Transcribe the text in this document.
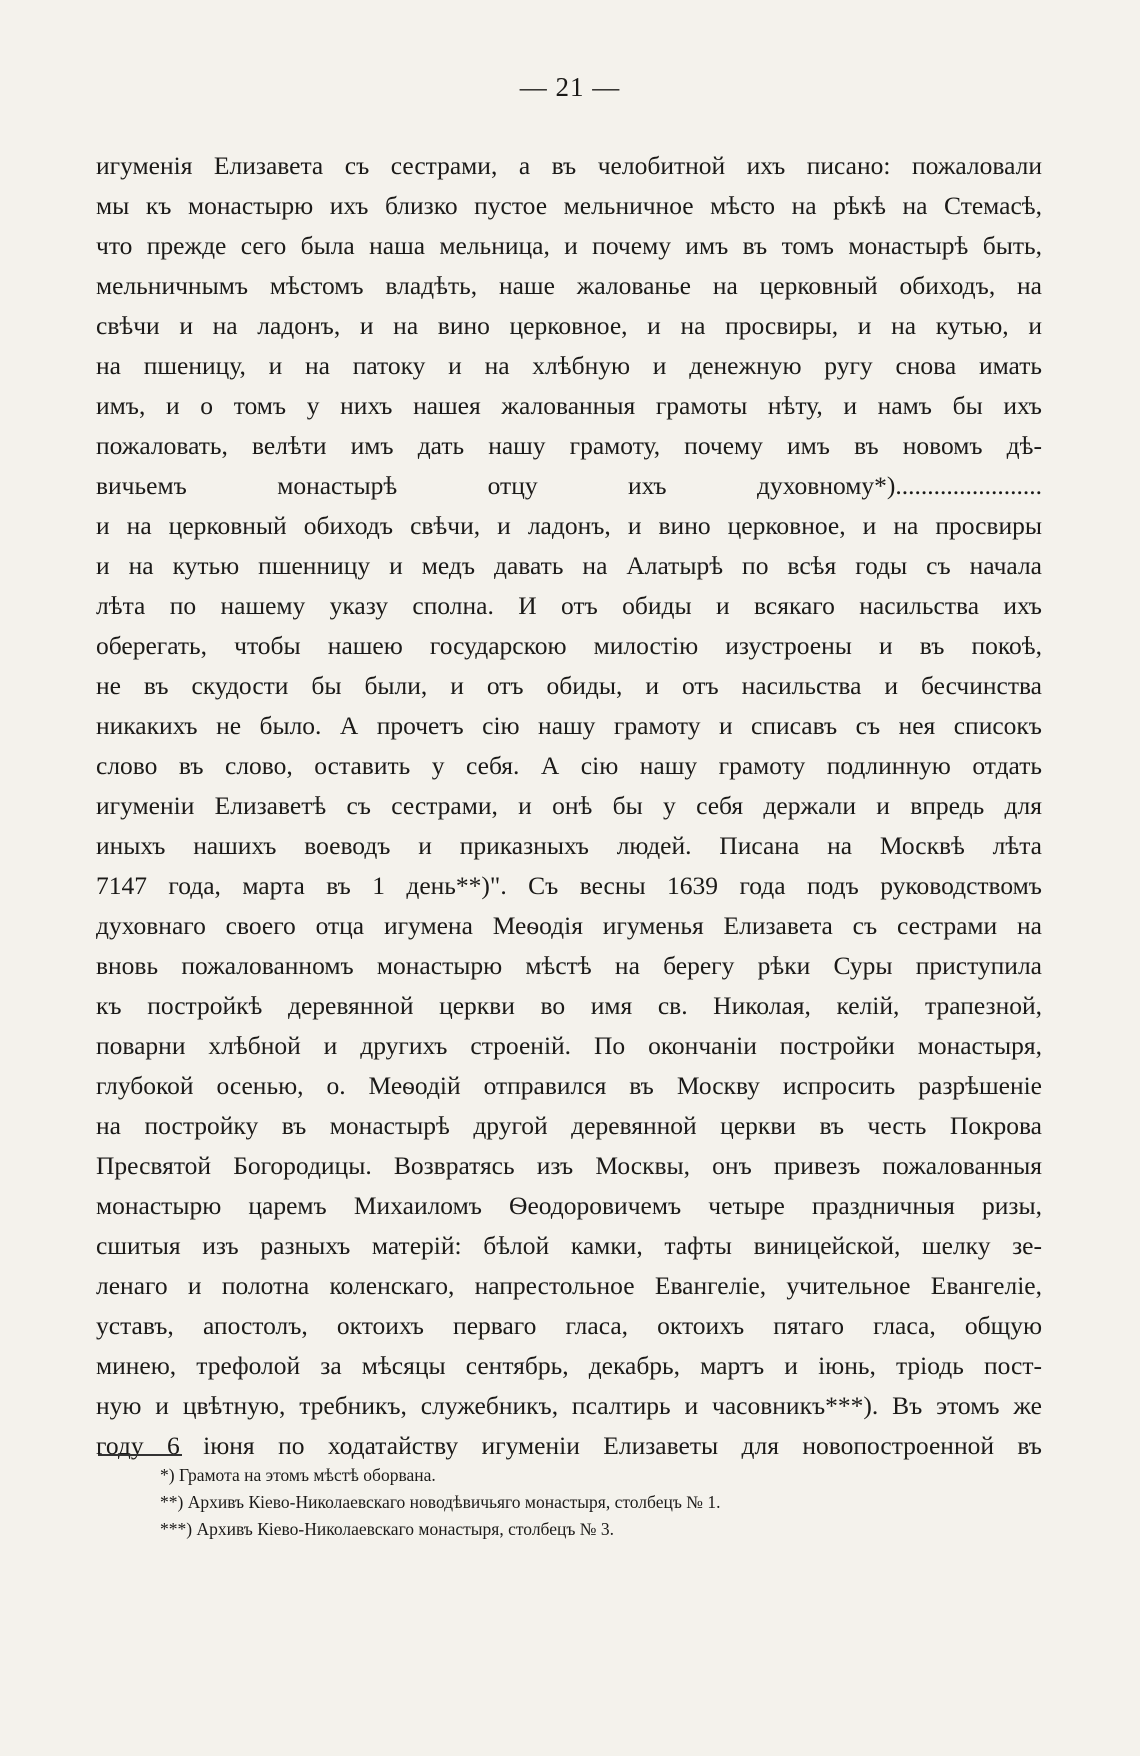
— 21 —
игуменія Елизавета съ сестрами, а въ челобитной ихъ писано: пожаловали
мы къ монастырю ихъ близко пустое мельничное мѣсто на рѣкѣ на Стемасѣ,
что прежде сего была наша мельница, и почему имъ въ томъ монастырѣ быть,
мельничнымъ мѣстомъ владѣть, наше жалованье на церковный обиходъ, на
свѣчи и на ладонъ, и на вино церковное, и на просвиры, и на кутью, и
на пшеницу, и на патоку и на хлѣбную и денежную ругу снова имать
имъ, и о томъ у нихъ нашея жалованныя грамоты нѣту, и намъ бы ихъ
пожаловать, велѣти имъ дать нашу грамоту, почему имъ въ новомъ дѣ-
вичьемъ монастырѣ отцу ихъ духовному*).......................
и на церковный обиходъ свѣчи, и ладонъ, и вино церковное, и на просвиры
и на кутью пшенницу и медъ давать на Алатырѣ по всѣя годы съ начала
лѣта по нашему указу сполна. И отъ обиды и всякаго насильства ихъ
оберегать, чтобы нашею государскою милостію изустроены и въ покоѣ,
не въ скудости бы были, и отъ обиды, и отъ насильства и бесчинства
никакихъ не было. А прочетъ сію нашу грамоту и списавъ съ нея списокъ
слово въ слово, оставить у себя. А сію нашу грамоту подлинную отдать
игуменіи Елизаветѣ съ сестрами, и онѣ бы у себя держали и впредь для
иныхъ нашихъ воеводъ и приказныхъ людей. Писана на Москвѣ лѣта
7147 года, марта въ 1 день**)". Съ весны 1639 года подъ руководствомъ
духовнаго своего отца игумена Меѳодія игуменья Елизавета съ сестрами на
вновь пожалованномъ монастырю мѣстѣ на берегу рѣки Суры приступила
къ постройкѣ деревянной церкви во имя св. Николая, келій, трапезной,
поварни хлѣбной и другихъ строеній. По окончаніи постройки монастыря,
глубокой осенью, о. Меѳодій отправился въ Москву испросить разрѣшеніе
на постройку въ монастырѣ другой деревянной церкви въ честь Покрова
Пресвятой Богородицы. Возвратясь изъ Москвы, онъ привезъ пожалованныя
монастырю царемъ Михаиломъ Ѳеодоровичемъ четыре праздничныя ризы,
сшитыя изъ разныхъ матерій: бѣлой камки, тафты виницейской, шелку зе-
ленаго и полотна коленскаго, напрестольное Евангеліе, учительное Евангеліе,
уставъ, апостолъ, октоихъ перваго гласа, октоихъ пятаго гласа, общую
минею, трефолой за мѣсяцы сентябрь, декабрь, мартъ и іюнь, тріодь пост-
ную и цвѣтную, требникъ, служебникъ, псалтирь и часовникъ***). Въ этомъ же
году 6 іюня по ходатайству игуменіи Елизаветы для новопостроенной въ
*) Грамота на этомъ мѣстѣ оборвана.
**) Архивъ Кіево-Николаевскаго новодѣвичьяго монастыря, столбецъ № 1.
***) Архивъ Кіево-Николаевскаго монастыря, столбецъ № 3.
